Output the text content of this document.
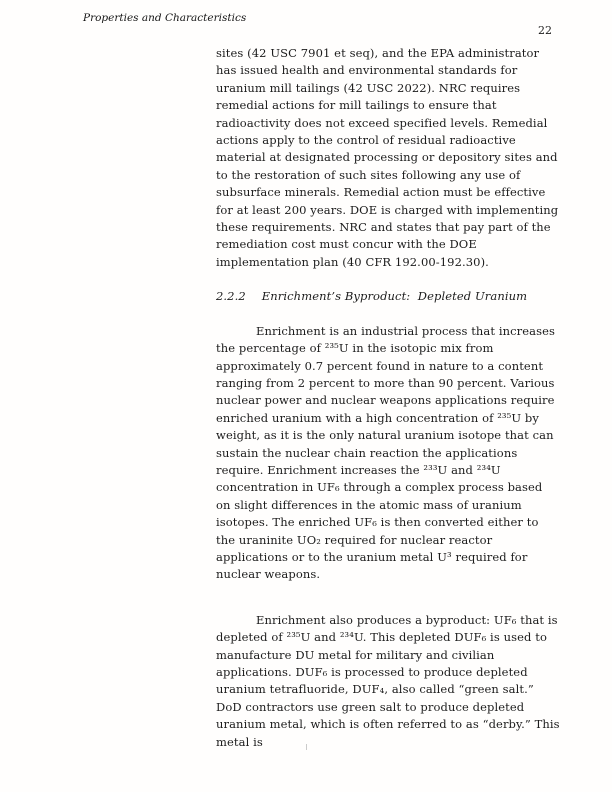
Properties and Characteristics
22

sites (42 USC 7901 et seq), and the EPA administrator has issued health and environmental standards for uranium mill tailings (42 USC 2022). NRC requires remedial actions for mill tailings to ensure that radioactivity does not exceed specified levels. Remedial actions apply to the control of residual radioactive material at designated processing or depository sites and to the restoration of such sites following any use of subsurface minerals. Remedial action must be effective for at least 200 years. DOE is charged with implementing these requirements. NRC and states that pay part of the remediation cost must concur with the DOE implementation plan (40 CFR 192.00-192.30).

2.2.2 Enrichment’s Byproduct:  Depleted Uranium

Enrichment is an industrial process that increases the percentage of ²³⁵U in the isotopic mix from approximately 0.7 percent found in nature to a content ranging from 2 percent to more than 90 percent. Various nuclear power and nuclear weapons applications require enriched uranium with a high concentration of ²³⁵U by weight, as it is the only natural uranium isotope that can sustain the nuclear chain reaction the applications require. Enrichment increases the ²³³U and ²³⁴U concentration in UF₆ through a complex process based on slight differences in the atomic mass of uranium isotopes. The enriched UF₆ is then converted either to the uraninite UO₂ required for nuclear reactor applications or to the uranium metal U³ required for nuclear weapons.

Enrichment also produces a byproduct: UF₆ that is depleted of ²³⁵U and ²³⁴U. This depleted DUF₆ is used to manufacture DU metal for military and civilian applications. DUF₆ is processed to produce depleted uranium tetrafluoride, DUF₄, also called “green salt.” DoD contractors use green salt to produce depleted uranium metal, which is often referred to as “derby.” This metal is
